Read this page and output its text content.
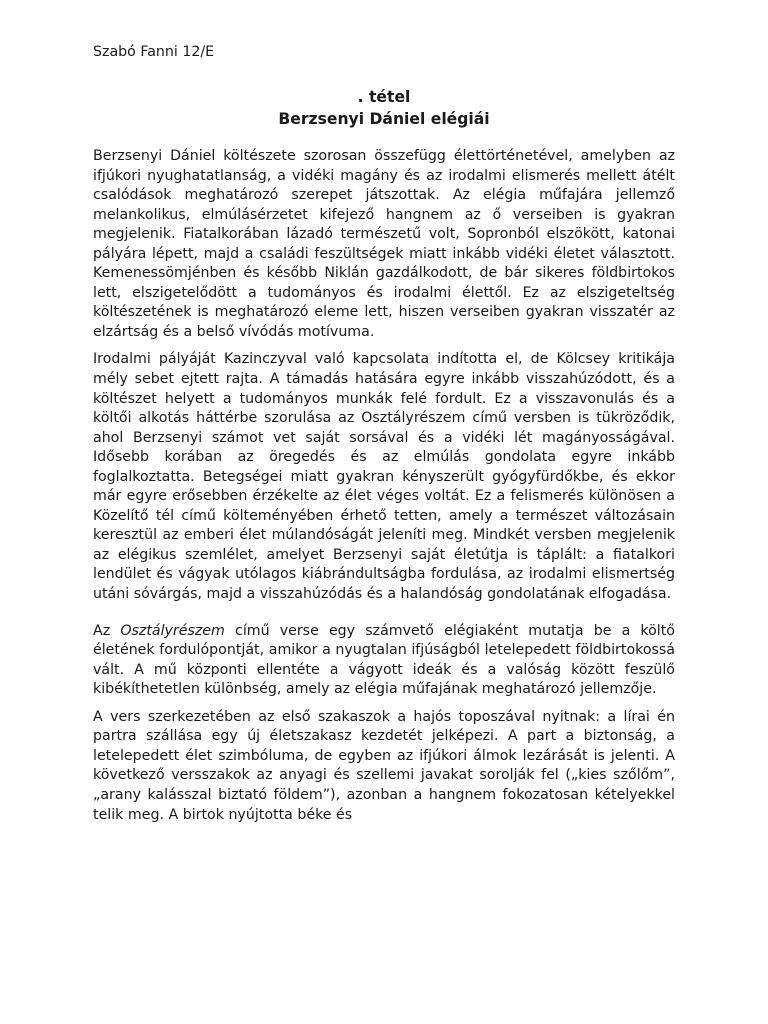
Szabó Fanni 12/E

. tétel
Berzsenyi Dániel elégiái

Berzsenyi Dániel költészete szorosan összefügg élettörténetével, amelyben az ifjúkori nyughatatlanság, a vidéki magány és az irodalmi elismerés mellett átélt csalódások meghatározó szerepet játszottak. Az elégia műfajára jellemző melankolikus, elmúlásérzetet kifejező hangnem az ő verseiben is gyakran megjelenik. Fiatalkorában lázadó természetű volt, Sopronból elszökött, katonai pályára lépett, majd a családi feszültségek miatt inkább vidéki életet választott. Kemenessömjénben és később Niklán gazdálkodott, de bár sikeres földbirtokos lett, elszigetelődött a tudományos és irodalmi élettől. Ez az elszigeteltség költészetének is meghatározó eleme lett, hiszen verseiben gyakran visszatér az elzártság és a belső vívódás motívuma.

Irodalmi pályáját Kazinczyval való kapcsolata indította el, de Kölcsey kritikája mély sebet ejtett rajta. A támadás hatására egyre inkább visszahúzódott, és a költészet helyett a tudományos munkák felé fordult. Ez a visszavonulás és a költői alkotás háttérbe szorulása az Osztályrészem című versben is tükröződik, ahol Berzsenyi számot vet saját sorsával és a vidéki lét magányosságával. Idősebb korában az öregedés és az elmúlás gondolata egyre inkább foglalkoztatta. Betegségei miatt gyakran kényszerült gyógyfürdőkbe, és ekkor már egyre erősebben érzékelte az élet véges voltát. Ez a felismerés különösen a Közelítő tél című költeményében érhető tetten, amely a természet változásain keresztül az emberi élet múlandóságát jeleníti meg. Mindkét versben megjelenik az elégikus szemlélet, amelyet Berzsenyi saját életútja is táplált: a fiatalkori lendület és vágyak utólagos kiábrándultságba fordulása, az irodalmi elismertség utáni sóvárgás, majd a visszahúzódás és a halandóság gondolatának elfogadása.

Az Osztályrészem című verse egy számvető elégiaként mutatja be a költő életének fordulópontját, amikor a nyugtalan ifjúságból letelepedett földbirtokossá vált. A mű központi ellentéte a vágyott ideák és a valóság között feszülő kibékíthetetlen különbség, amely az elégia műfajának meghatározó jellemzője.

A vers szerkezetében az első szakaszok a hajós toposzával nyitnak: a lírai én partra szállása egy új életszakasz kezdetét jelképezi. A part a biztonság, a letelepedett élet szimbóluma, de egyben az ifjúkori álmok lezárását is jelenti. A következő versszakok az anyagi és szellemi javakat sorolják fel („kies szőlőm”, „arany kalásszal biztató földem”), azonban a hangnem fokozatosan kételyekkel telik meg. A birtok nyújtotta béke és
